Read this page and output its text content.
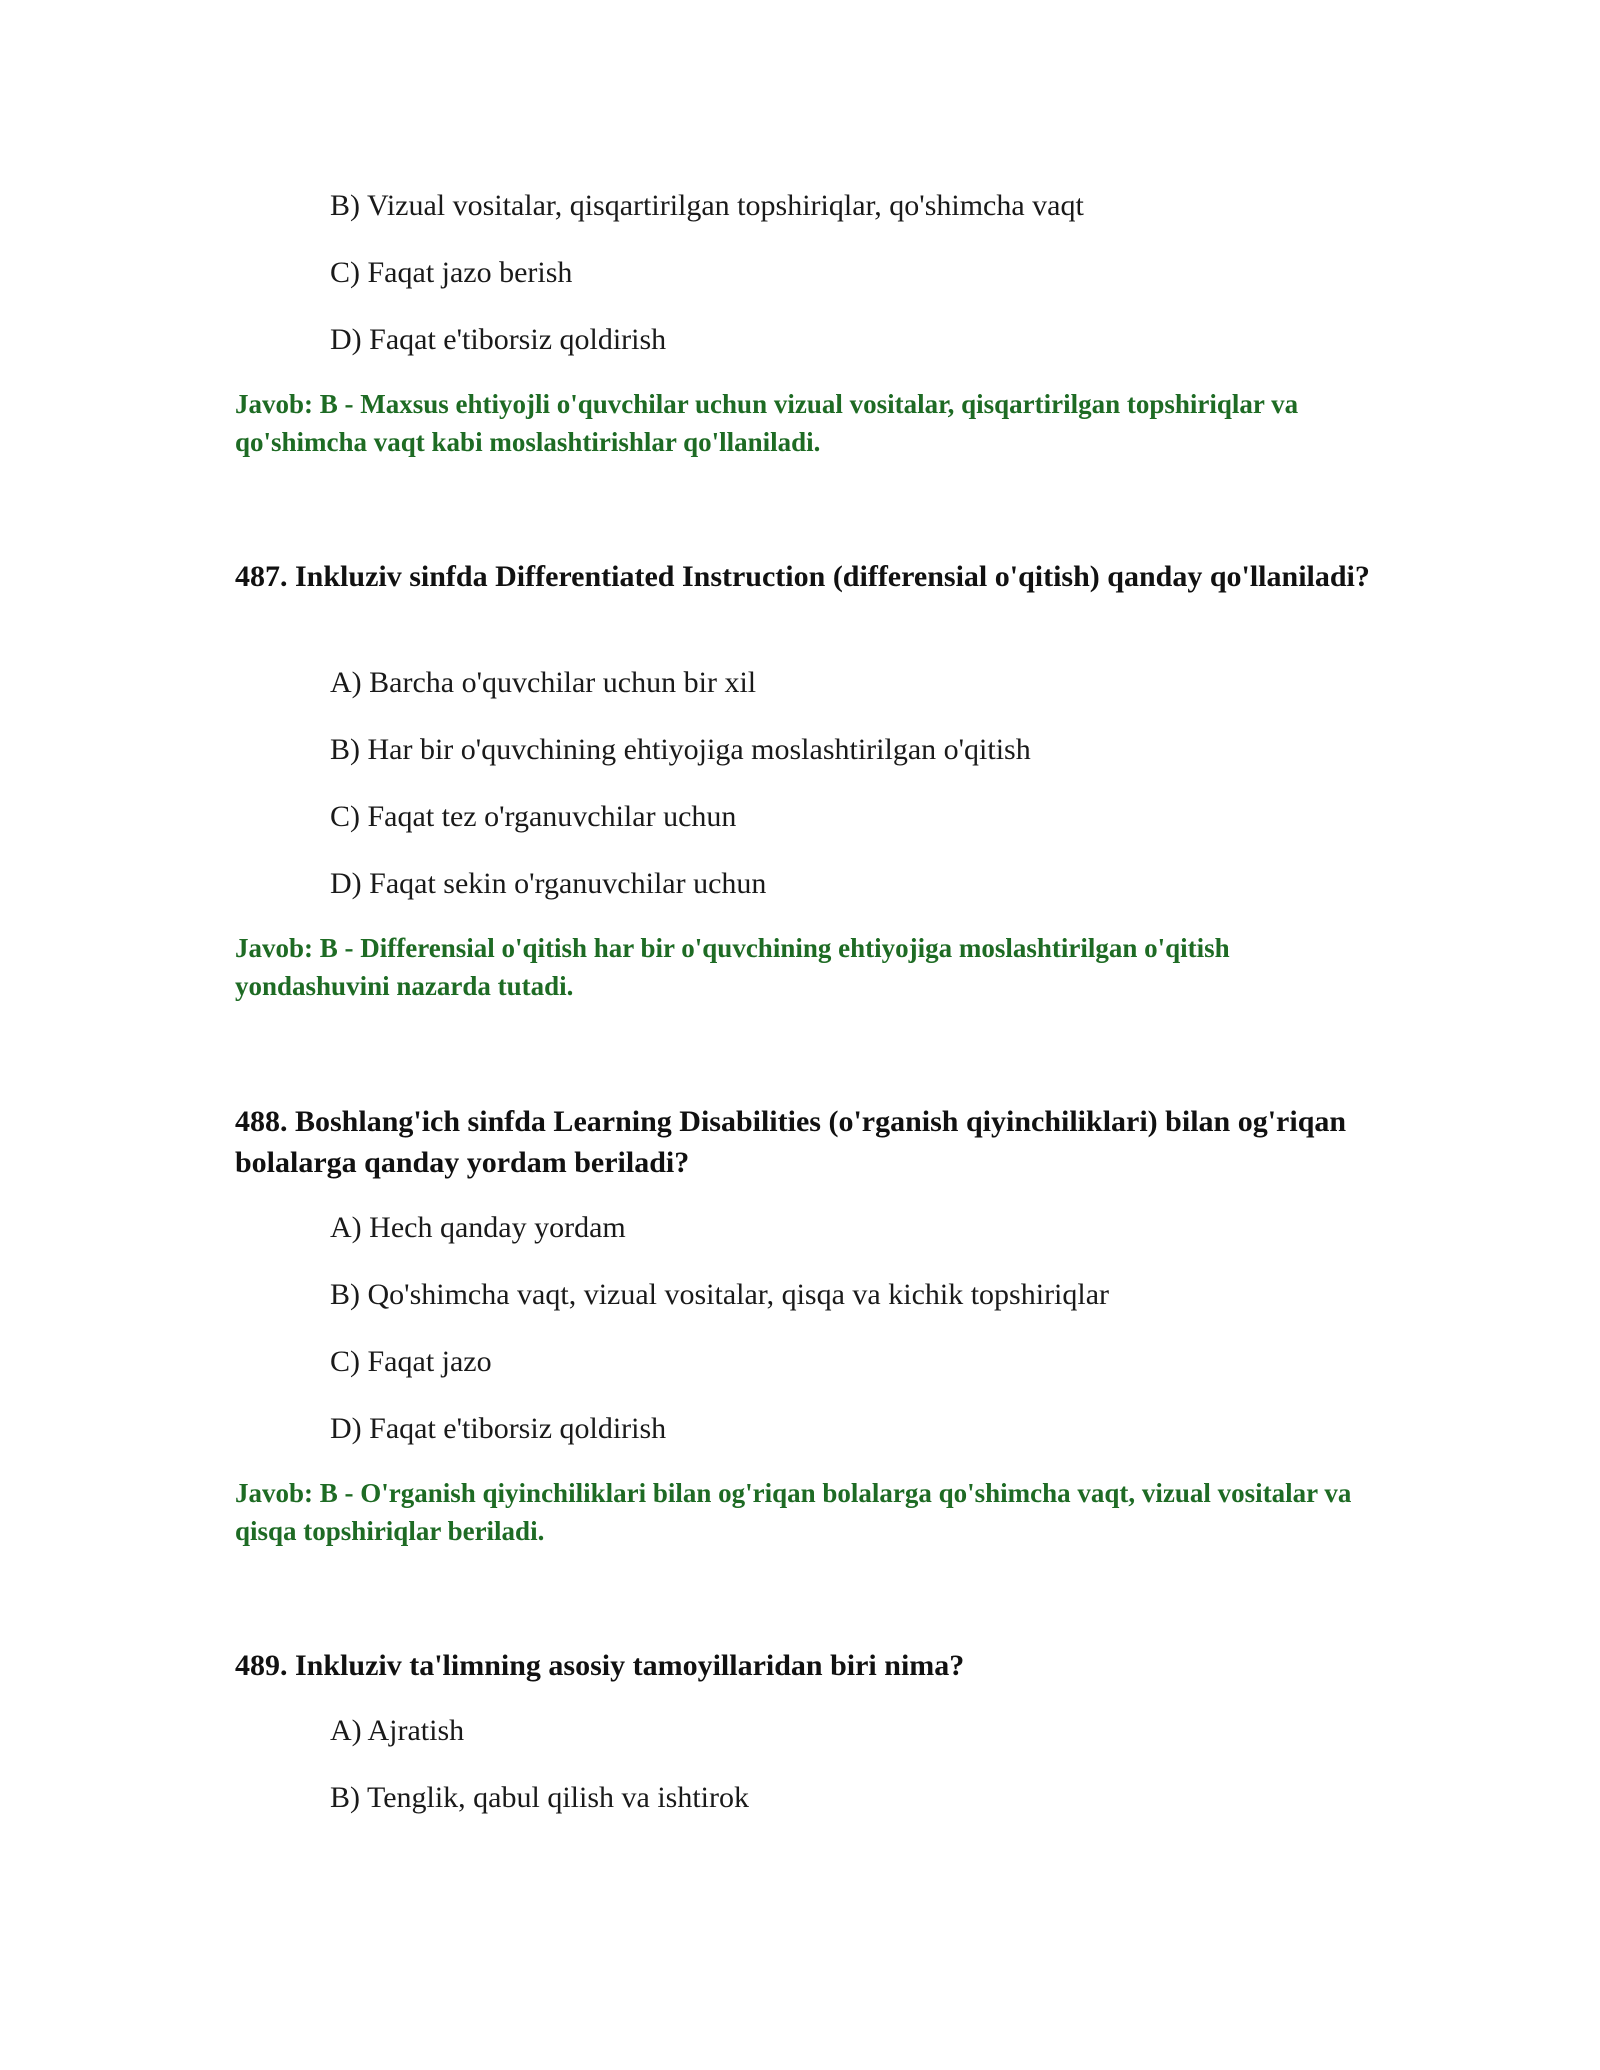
B) Vizual vositalar, qisqartirilgan topshiriqlar, qo'shimcha vaqt
C) Faqat jazo berish
D) Faqat e'tiborsiz qoldirish
Javob: B - Maxsus ehtiyojli o'quvchilar uchun vizual vositalar, qisqartirilgan topshiriqlar va qo'shimcha vaqt kabi moslashtirishlar qo'llaniladi.
487. Inkluziv sinfda Differentiated Instruction (differensial o'qitish) qanday qo'llaniladi?
A) Barcha o'quvchilar uchun bir xil
B) Har bir o'quvchining ehtiyojiga moslashtirilgan o'qitish
C) Faqat tez o'rganuvchilar uchun
D) Faqat sekin o'rganuvchilar uchun
Javob: B - Differensial o'qitish har bir o'quvchining ehtiyojiga moslashtirilgan o'qitish yondashuvini nazarda tutadi.
488. Boshlang'ich sinfda Learning Disabilities (o'rganish qiyinchiliklari) bilan og'riqan bolalarga qanday yordam beriladi?
A) Hech qanday yordam
B) Qo'shimcha vaqt, vizual vositalar, qisqa va kichik topshiriqlar
C) Faqat jazo
D) Faqat e'tiborsiz qoldirish
Javob: B - O'rganish qiyinchiliklari bilan og'riqan bolalarga qo'shimcha vaqt, vizual vositalar va qisqa topshiriqlar beriladi.
489. Inkluziv ta'limning asosiy tamoyillaridan biri nima?
A) Ajratish
B) Tenglik, qabul qilish va ishtirok
